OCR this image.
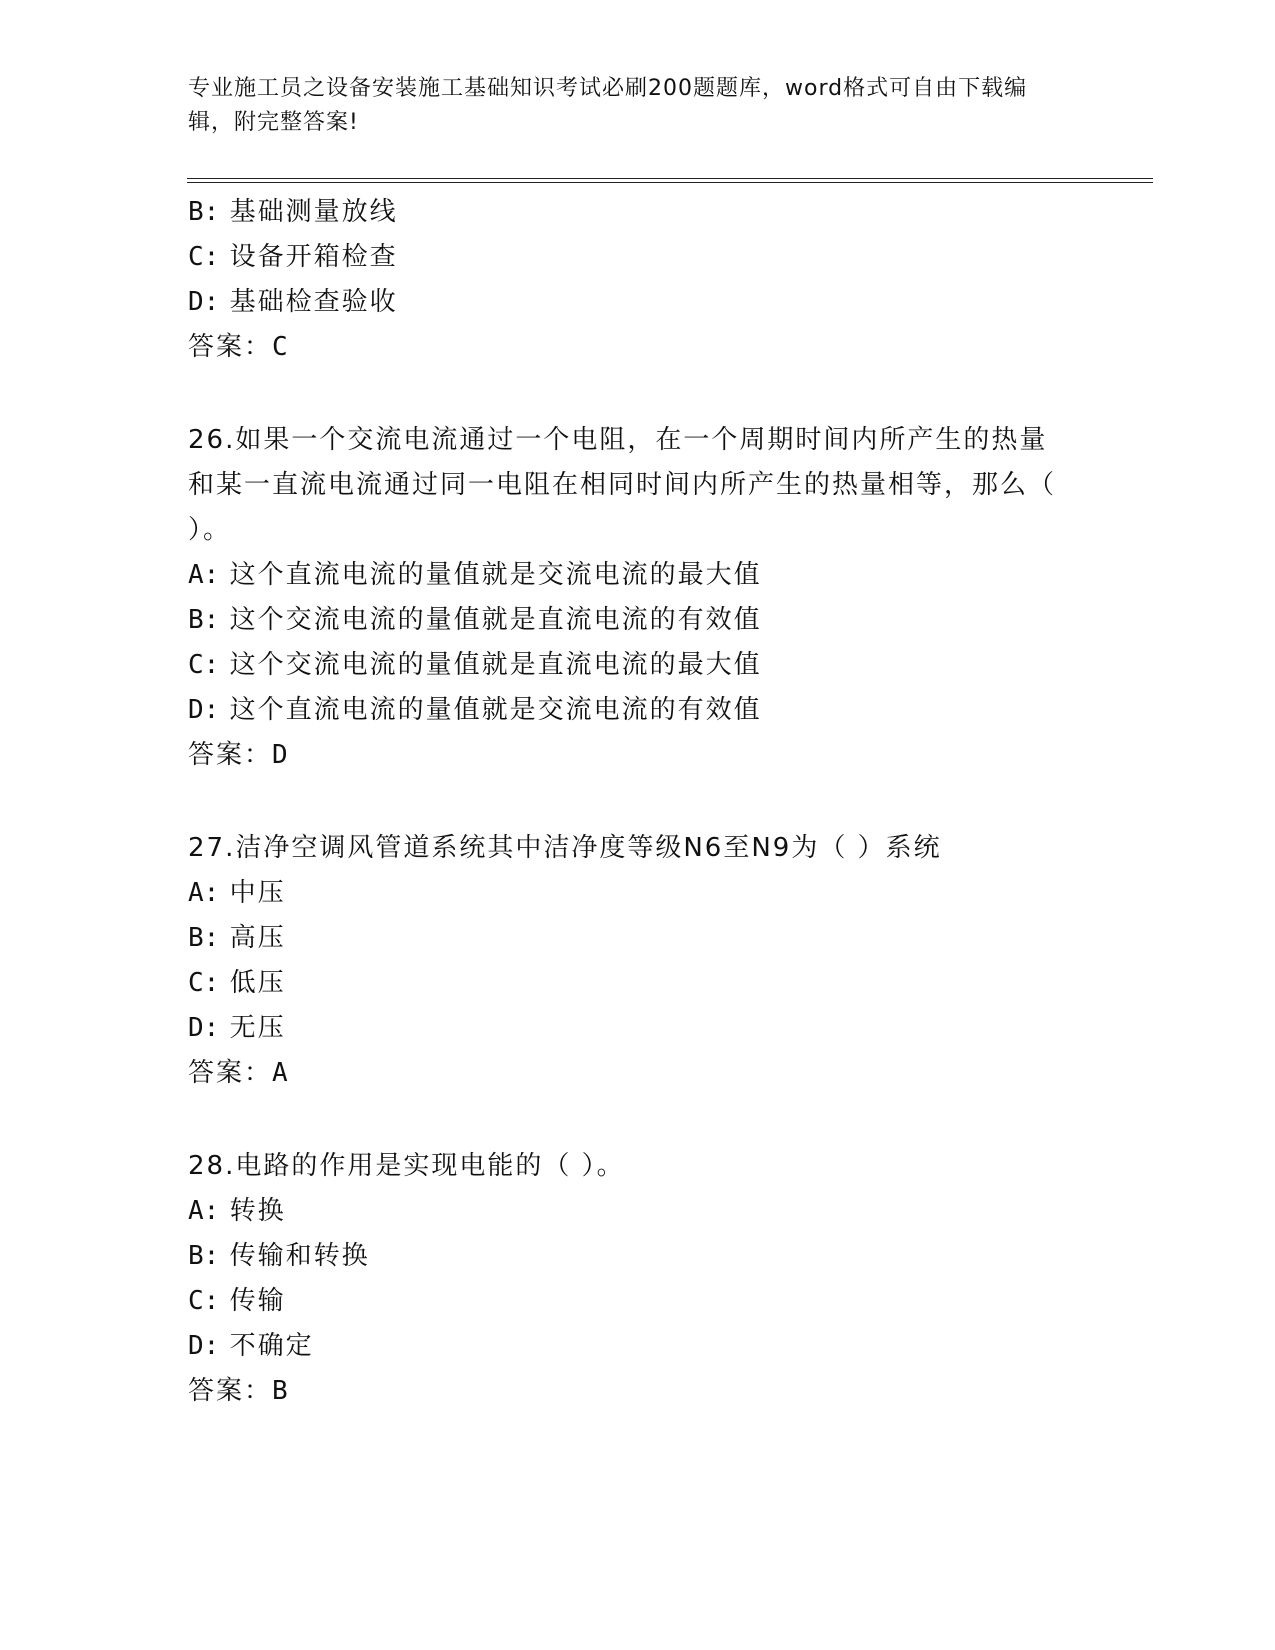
专业施工员之设备安装施工基础知识考试必刷200题题库，word格式可自由下载编辑，附完整答案!
B: 基础测量放线
C: 设备开箱检查
D: 基础检查验收
答案：C
26.如果一个交流电流通过一个电阻，在一个周期时间内所产生的热量和某一直流电流通过同一电阻在相同时间内所产生的热量相等，那么（ ）。
A: 这个直流电流的量值就是交流电流的最大值
B: 这个交流电流的量值就是直流电流的有效值
C: 这个交流电流的量值就是直流电流的最大值
D: 这个直流电流的量值就是交流电流的有效值
答案：D
27.洁净空调风管道系统其中洁净度等级N6至N9为（ ）系统
A: 中压
B: 高压
C: 低压
D: 无压
答案：A
28.电路的作用是实现电能的（ ）。
A: 转换
B: 传输和转换
C: 传输
D: 不确定
答案：B
